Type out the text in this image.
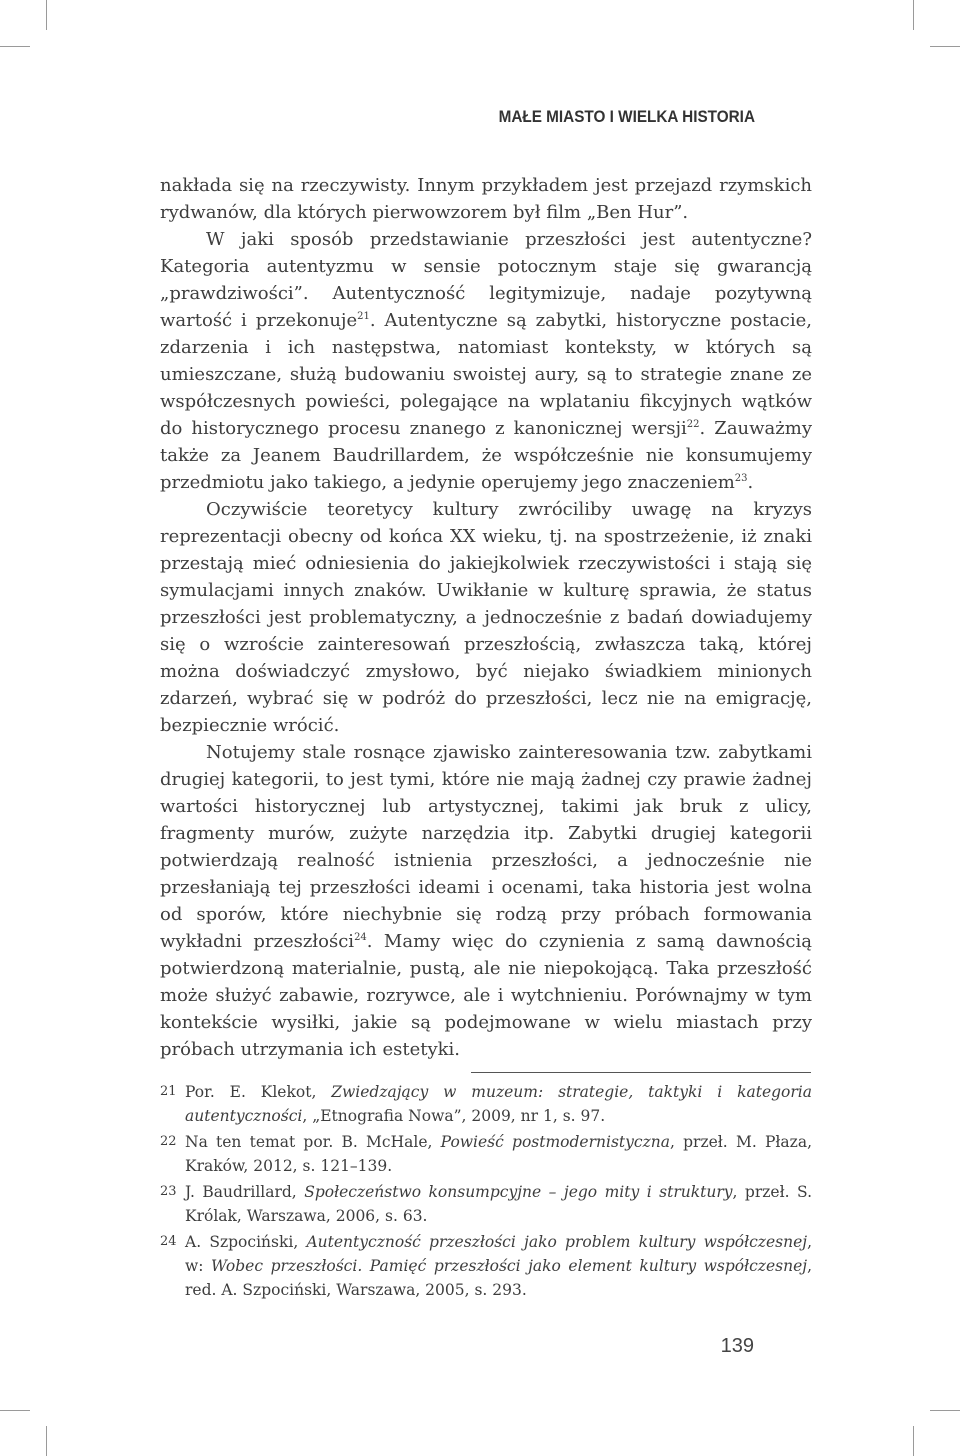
MAŁE MIASTO I WIELKA HISTORIA

nakłada się na rzeczywisty. Innym przykładem jest przejazd rzymskich rydwanów, dla których pierwowzorem był film „Ben Hur”.

W jaki sposób przedstawianie przeszłości jest autentyczne? Kategoria autentyzmu w sensie potocznym staje się gwarancją „prawdziwości”. Autentyczność legitymizuje, nadaje pozytywną wartość i przekonuje$^{21}$. Autentyczne są zabytki, historyczne postacie, zdarzenia i ich następstwa, natomiast konteksty, w których są umieszczane, służą budowaniu swoistej aury, są to strategie znane ze współczesnych powieści, polegające na wplataniu fikcyjnych wątków do historycznego procesu znanego z kanonicznej wersji$^{22}$. Zauważmy także za Jeanem Baudrillardem, że współcześnie nie konsumujemy przedmiotu jako takiego, a jedynie operujemy jego znaczeniem$^{23}$.

Oczywiście teoretycy kultury zwróciliby uwagę na kryzys reprezentacji obecny od końca XX wieku, tj. na spostrzeżenie, iż znaki przestają mieć odniesienia do jakiejkolwiek rzeczywistości i stają się symulacjami innych znaków. Uwikłanie w kulturę sprawia, że status przeszłości jest problematyczny, a jednocześnie z badań dowiadujemy się o wzroście zainteresowań przeszłością, zwłaszcza taką, której można doświadczyć zmysłowo, być niejako świadkiem minionych zdarzeń, wybrać się w podróż do przeszłości, lecz nie na emigrację, bezpiecznie wrócić.

Notujemy stale rosnące zjawisko zainteresowania tzw. zabytkami drugiej kategorii, to jest tymi, które nie mają żadnej czy prawie żadnej wartości historycznej lub artystycznej, takimi jak bruk z ulicy, fragmenty murów, zużyte narzędzia itp. Zabytki drugiej kategorii potwierdzają realność istnienia przeszłości, a jednocześnie nie przesłaniają tej przeszłości ideami i ocenami, taka historia jest wolna od sporów, które niechybnie się rodzą przy próbach formowania wykładni przeszłości$^{24}$. Mamy więc do czynienia z samą dawnością potwierdzoną materialnie, pustą, ale nie niepokojącą. Taka przeszłość może służyć zabawie, rozrywce, ale i wytchnieniu. Porównajmy w tym kontekście wysiłki, jakie są podejmowane w wielu miastach przy próbach utrzymania ich estetyki.

21 Por. E. Klekot, Zwiedzający w muzeum: strategie, taktyki i kategoria autentyczności, „Etnografia Nowa”, 2009, nr 1, s. 97.
22 Na ten temat por. B. McHale, Powieść postmodernistyczna, przeł. M. Płaza, Kraków, 2012, s. 121–139.
23 J. Baudrillard, Społeczeństwo konsumpcyjne – jego mity i struktury, przeł. S. Królak, Warszawa, 2006, s. 63.
24 A. Szpociński, Autentyczność przeszłości jako problem kultury współczesnej, w: Wobec przeszłości. Pamięć przeszłości jako element kultury współczesnej, red. A. Szpociński, Warszawa, 2005, s. 293.
139
